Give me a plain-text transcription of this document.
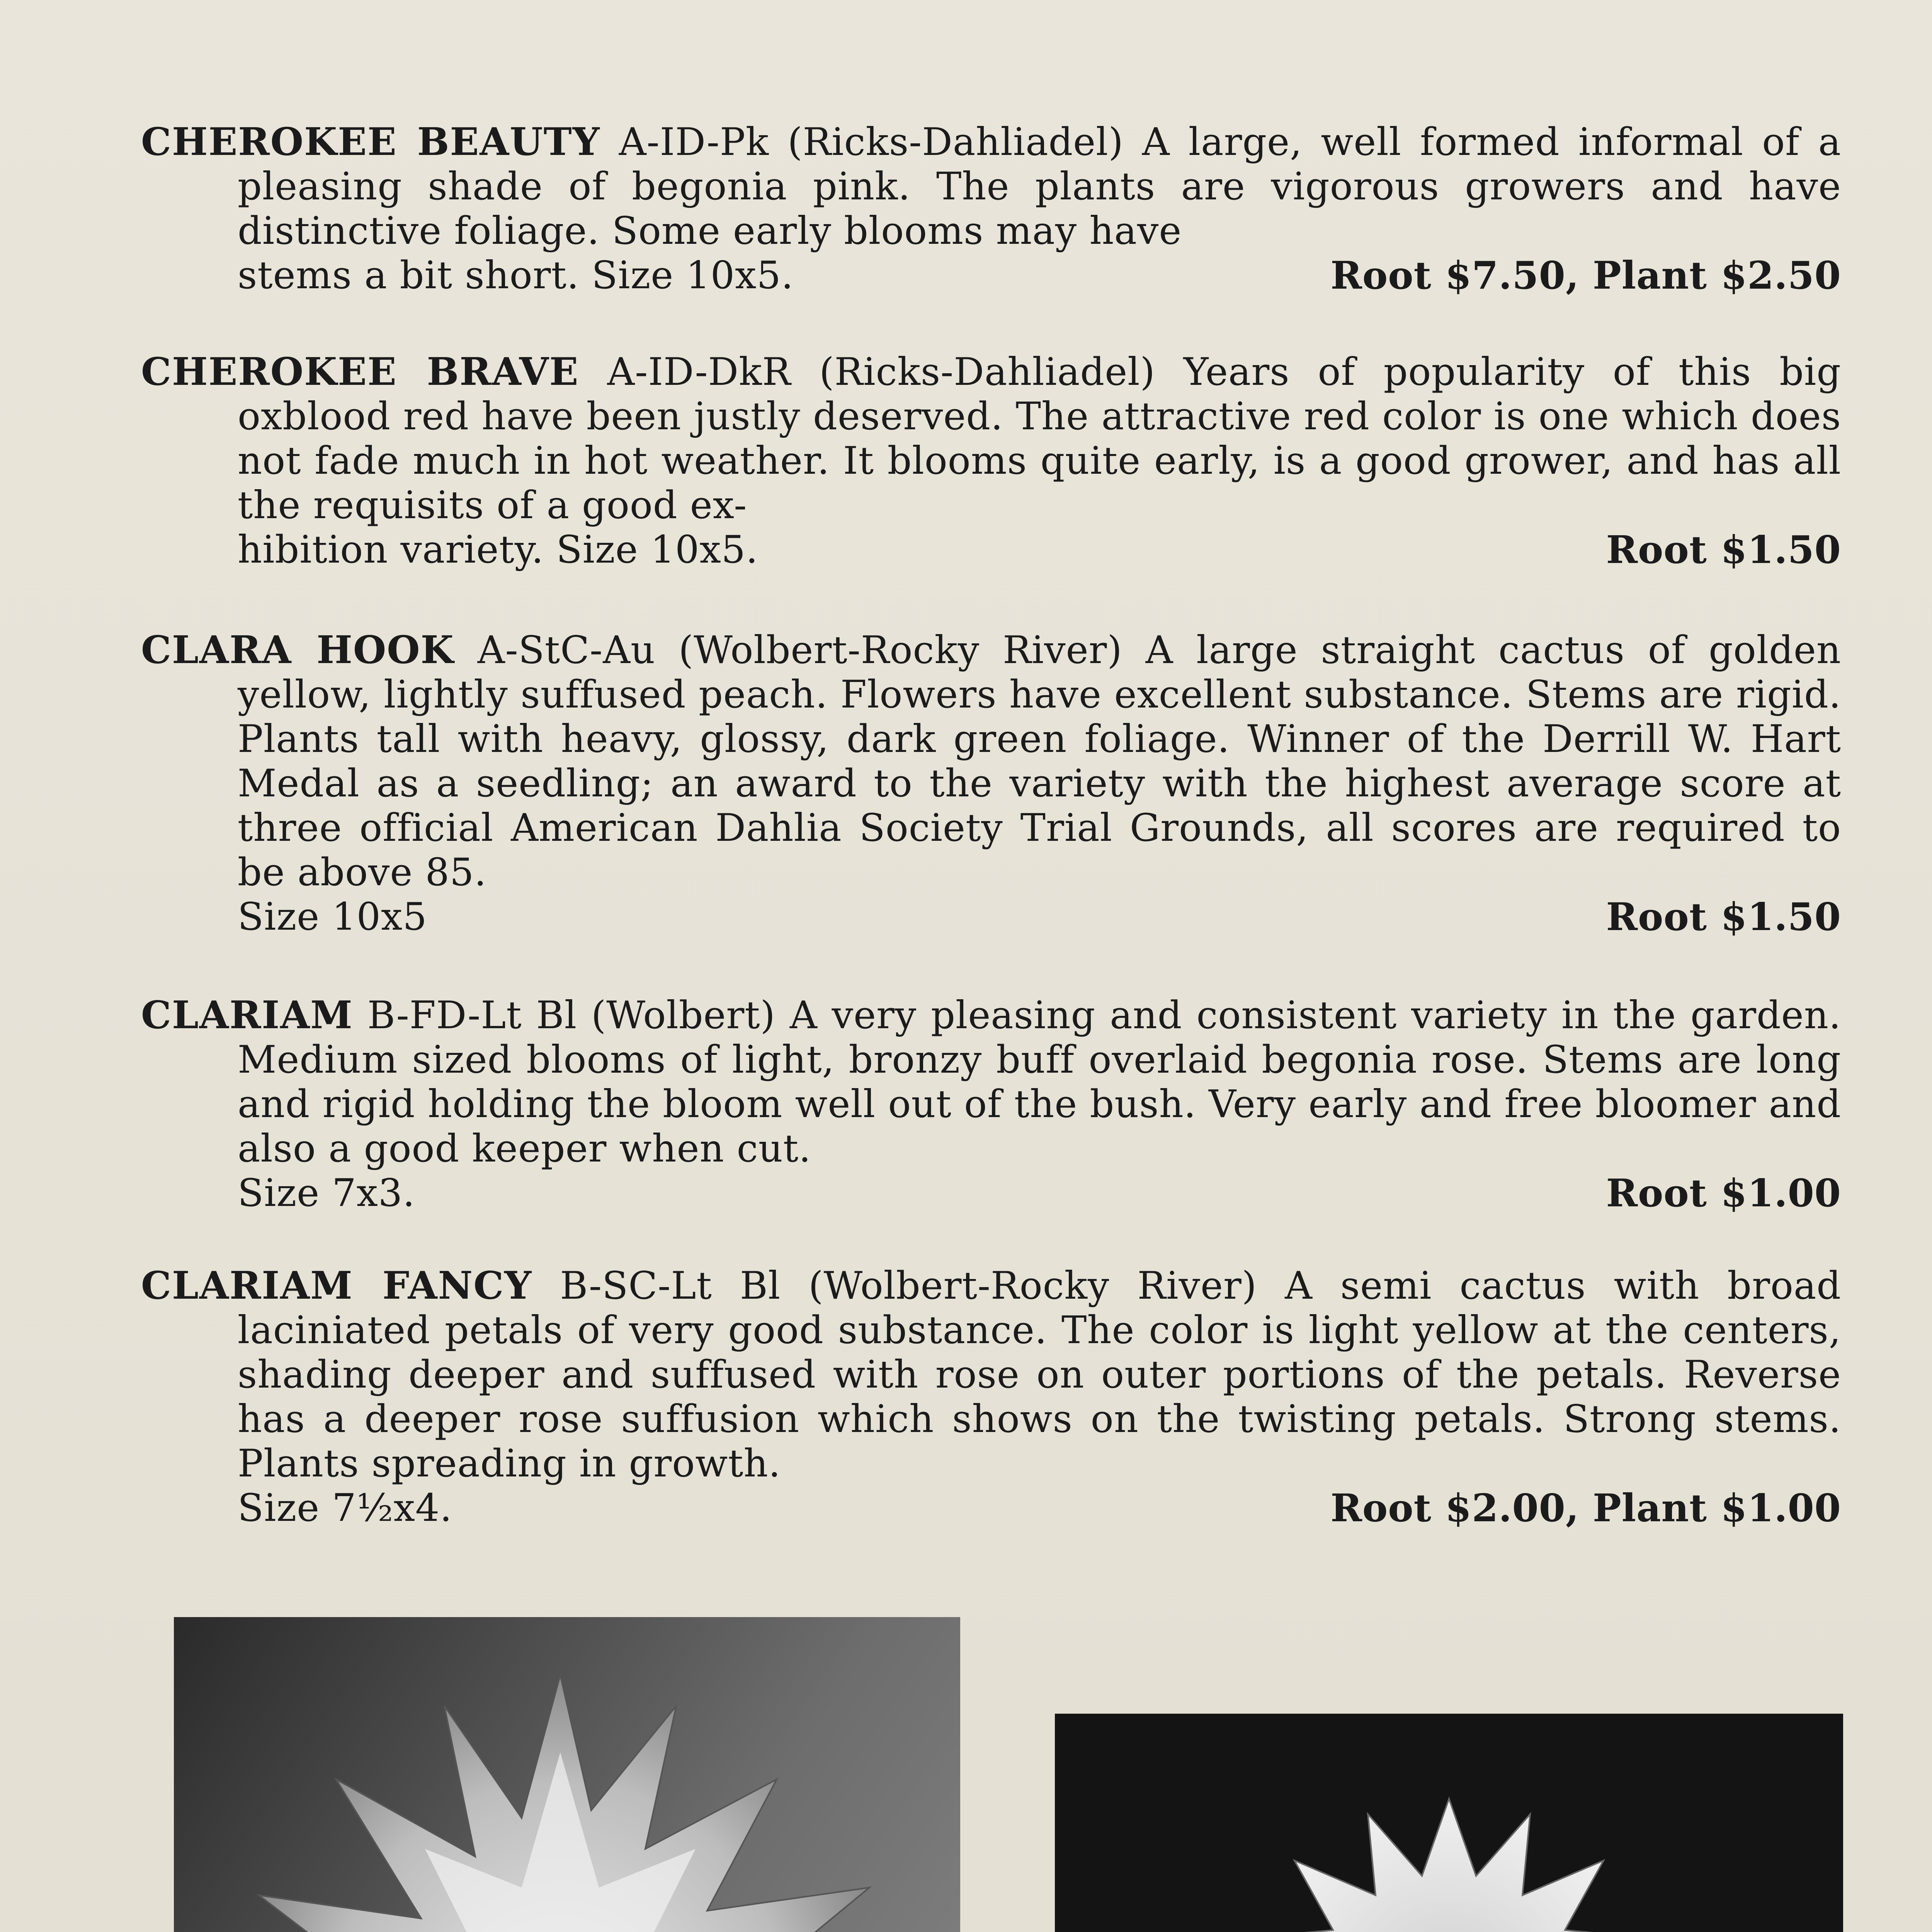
CHEROKEE BEAUTY A-ID-Pk (Ricks-Dahliadel) A large, well formed informal of a pleasing shade of begonia pink. The plants are vigorous growers and have distinctive foliage. Some early blooms may have

stems a bit short. Size 10x5.	Root $7.50, Plant $2.50

CHEROKEE BRAVE A-ID-DkR (Ricks-Dahliadel) Years of popularity of this big oxblood red have been justly deserved. The attractive red color is one which does not fade much in hot weather. It blooms quite early, is a good grower, and has all the requisits of a good ex-

hibition variety. Size 10x5.	Root $1.50

CLARA HOOK A-StC-Au (Wolbert-Rocky River) A large straight cactus of golden yellow, lightly suffused peach. Flowers have excellent substance. Stems are rigid. Plants tall with heavy, glossy, dark green foliage. Winner of the Derrill W. Hart Medal as a seedling; an award to the variety with the highest average score at three official American Dahlia Society Trial Grounds, all scores are required to be above 85.

Size 10x5	Root $1.50

CLARIAM B-FD-Lt Bl (Wolbert) A very pleasing and consistent variety in the garden. Medium sized blooms of light, bronzy buff overlaid begonia rose. Stems are long and rigid holding the bloom well out of the bush. Very early and free bloomer and also a good keeper when cut.

Size 7x3.	Root $1.00

CLARIAM FANCY B-SC-Lt Bl (Wolbert-Rocky River) A semi cactus with broad laciniated petals of very good substance. The color is light yellow at the centers, shading deeper and suffused with rose on outer portions of the petals. Reverse has a deeper rose suffusion which shows on the twisting petals. Strong stems. Plants spreading in growth.

Size 7½x4.	Root $2.00, Plant $1.00
